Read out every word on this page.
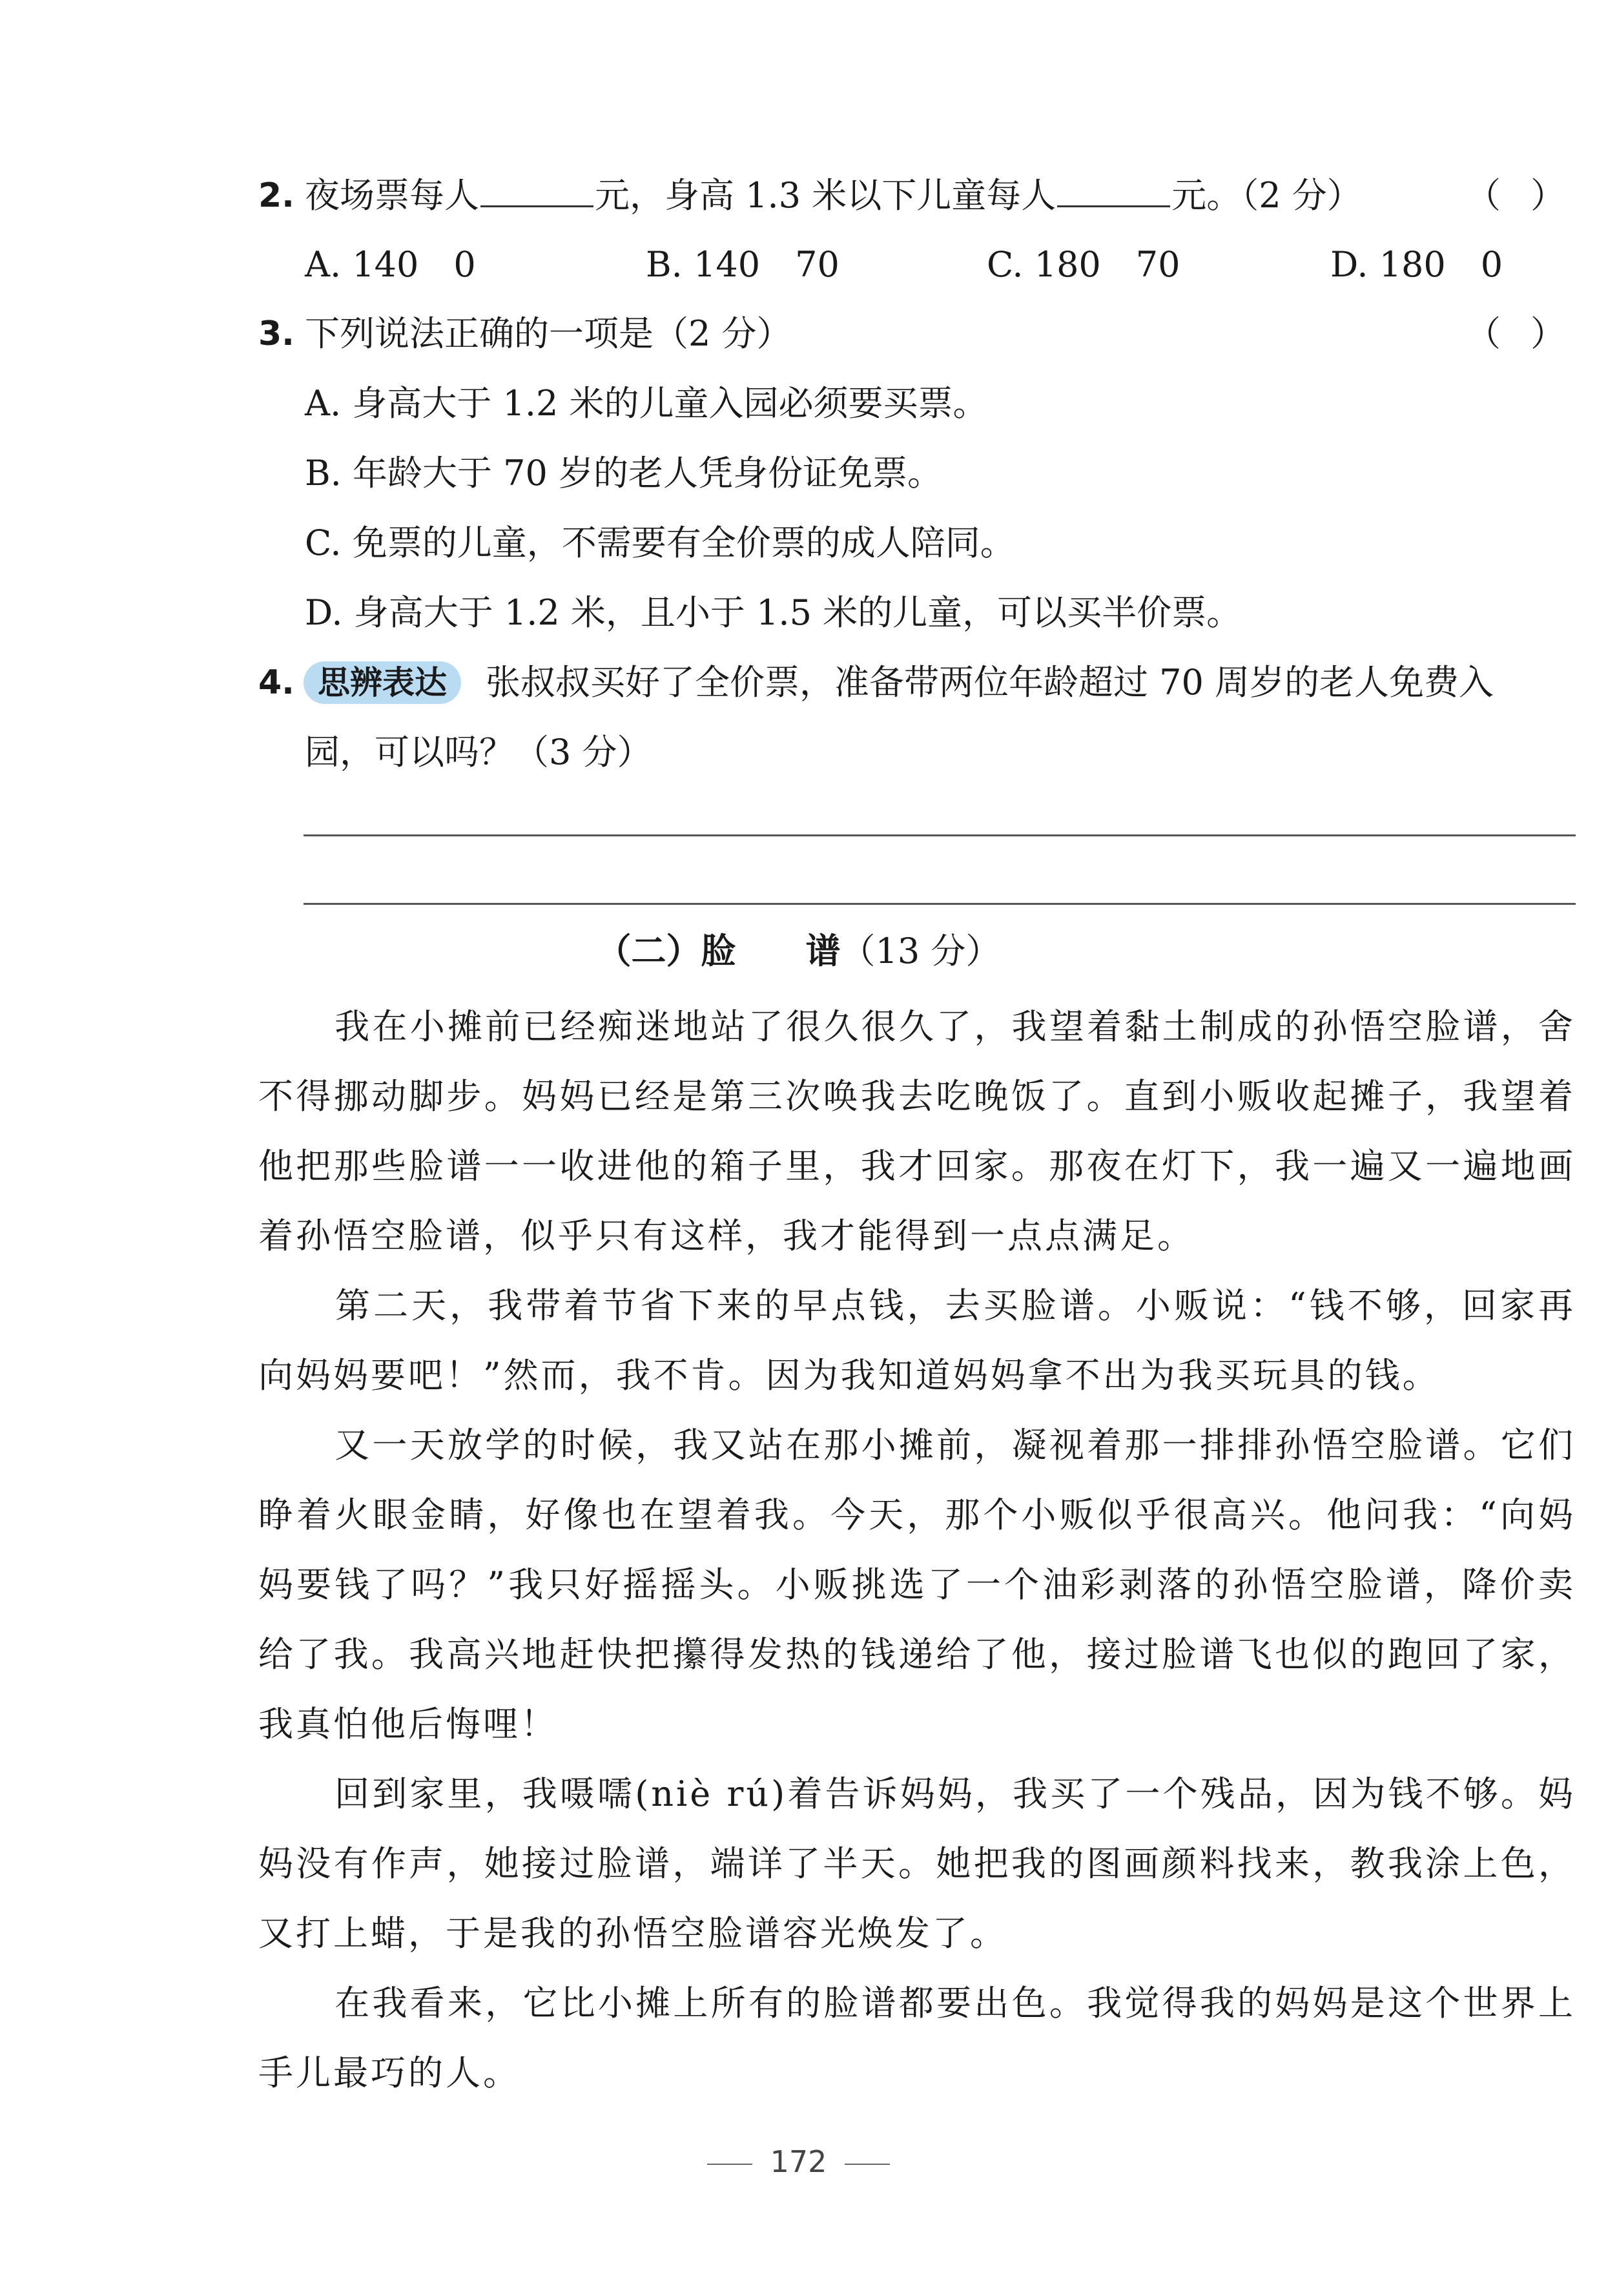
2. 夜场票每人	元，身高 1.3 米以下儿童每人	元。（2 分）	（ ）
A. 140　0	B. 140　70	C. 180　70	D. 180　0
3. 下列说法正确的一项是（2 分）	（ ）
A. 身高大于 1.2 米的儿童入园必须要买票。
B. 年龄大于 70 岁的老人凭身份证免票。
C. 免票的儿童，不需要有全价票的成人陪同。
D. 身高大于 1.2 米，且小于 1.5 米的儿童，可以买半价票。
4. 思辨表达	张叔叔买好了全价票，准备带两位年龄超过 70 周岁的老人免费入
园，可以吗？（3 分）
（二）脸　　谱（13 分）
我在小摊前已经痴迷地站了很久很久了，我望着黏土制成的孙悟空脸谱，舍不得挪动脚步。妈妈已经是第三次唤我去吃晚饭了。直到小贩收起摊子，我望着他把那些脸谱一一收进他的箱子里，我才回家。那夜在灯下，我一遍又一遍地画着孙悟空脸谱，似乎只有这样，我才能得到一点点满足。
第二天，我带着节省下来的早点钱，去买脸谱。小贩说：“钱不够，回家再向妈妈要吧！”然而，我不肯。因为我知道妈妈拿不出为我买玩具的钱。
又一天放学的时候，我又站在那小摊前，凝视着那一排排孙悟空脸谱。它们睁着火眼金睛，好像也在望着我。今天，那个小贩似乎很高兴。他问我：“向妈妈要钱了吗？”我只好摇摇头。小贩挑选了一个油彩剥落的孙悟空脸谱，降价卖给了我。我高兴地赶快把攥得发热的钱递给了他，接过脸谱飞也似的跑回了家，我真怕他后悔哩！
回到家里，我嗫嚅(niè rú)着告诉妈妈，我买了一个残品，因为钱不够。妈妈没有作声，她接过脸谱，端详了半天。她把我的图画颜料找来，教我涂上色，又打上蜡，于是我的孙悟空脸谱容光焕发了。
在我看来，它比小摊上所有的脸谱都要出色。我觉得我的妈妈是这个世界上手儿最巧的人。
172
